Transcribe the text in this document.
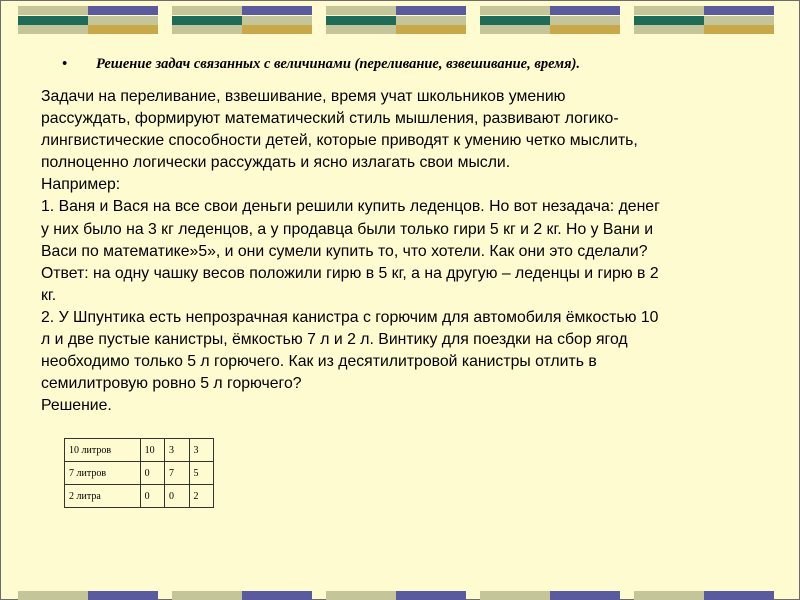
• Решение задач связанных с величинами (переливание, взвешивание, время).
Задачи на переливание, взвешивание, время учат школьников умению
рассуждать, формируют математический стиль мышления, развивают логико-
лингвистические способности детей, которые приводят к умению четко мыслить,
полноценно логически рассуждать и ясно излагать свои мысли.
Например:
1. Ваня и Вася на все свои деньги решили купить леденцов. Но вот незадача: денег
у них было на 3 кг леденцов, а у продавца были только гири 5 кг и 2 кг. Но у Вани и
Васи по математике»5», и они сумели купить то, что хотели. Как они это сделали?
Ответ: на одну чашку весов положили гирю в 5 кг, а на другую – леденцы и гирю в 2
кг.
2. У Шпунтика есть непрозрачная канистра с горючим для автомобиля ёмкостью 10
л и две пустые канистры, ёмкостью 7 л и 2 л. Винтику для поездки на сбор ягод
необходимо только 5 л горючего. Как из десятилитровой канистры отлить в
семилитровую ровно 5 л горючего?
Решение.
10 литров	10	3	3
7 литров	0	7	5
2 литра	0	0	2
